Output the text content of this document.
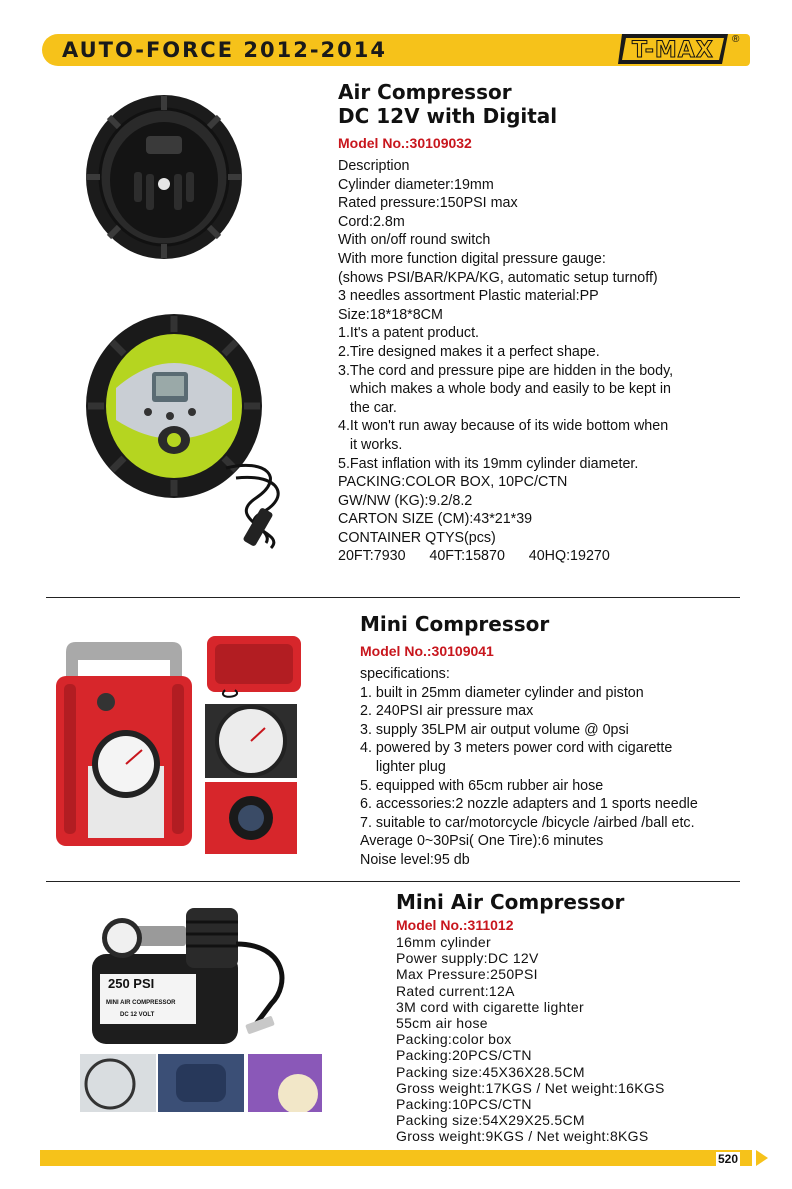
AUTO-FORCE 2012-2014	T-MAX ®
Air Compressor
DC 12V with Digital
Model No.:30109032
Description
Cylinder diameter:19mm
Rated pressure:150PSI max
Cord:2.8m
With on/off round switch
With more function digital pressure gauge:
(shows PSI/BAR/KPA/KG, automatic setup turnoff)
3 needles assortment Plastic material:PP
Size:18*18*8CM
1.It's a patent product.
2.Tire designed makes it a perfect shape.
3.The cord and pressure pipe are hidden in the body,
which makes a whole body and easily to be kept in
the car.
4.It won't run away because of its wide bottom when
it works.
5.Fast inflation with its 19mm cylinder diameter.
PACKING:COLOR BOX, 10PC/CTN
GW/NW (KG):9.2/8.2
CARTON SIZE (CM):43*21*39
CONTAINER QTYS(pcs)
20FT:7930      40FT:15870      40HQ:19270
Mini Compressor
Model No.:30109041
specifications:
1. built in 25mm diameter cylinder and piston
2. 240PSI air pressure max
3. supply 35LPM air output volume @ 0psi
4. powered by 3 meters power cord with cigarette
lighter plug
5. equipped with 65cm rubber air hose
6. accessories:2 nozzle adapters and 1 sports needle
7. suitable to car/motorcycle /bicycle /airbed /ball etc.
Average 0~30Psi( One Tire):6 minutes
Noise level:95 db
250 PSI
MINI AIR COMPRESSOR
DC 12 VOLT
Mini Air Compressor
Model No.:311012
16mm cylinder
Power supply:DC 12V
Max Pressure:250PSI
Rated current:12A
3M cord with cigarette lighter
55cm air hose
Packing:color box
Packing:20PCS/CTN
Packing size:45X36X28.5CM
Gross weight:17KGS / Net weight:16KGS
Packing:10PCS/CTN
Packing size:54X29X25.5CM
Gross weight:9KGS / Net weight:8KGS
520
